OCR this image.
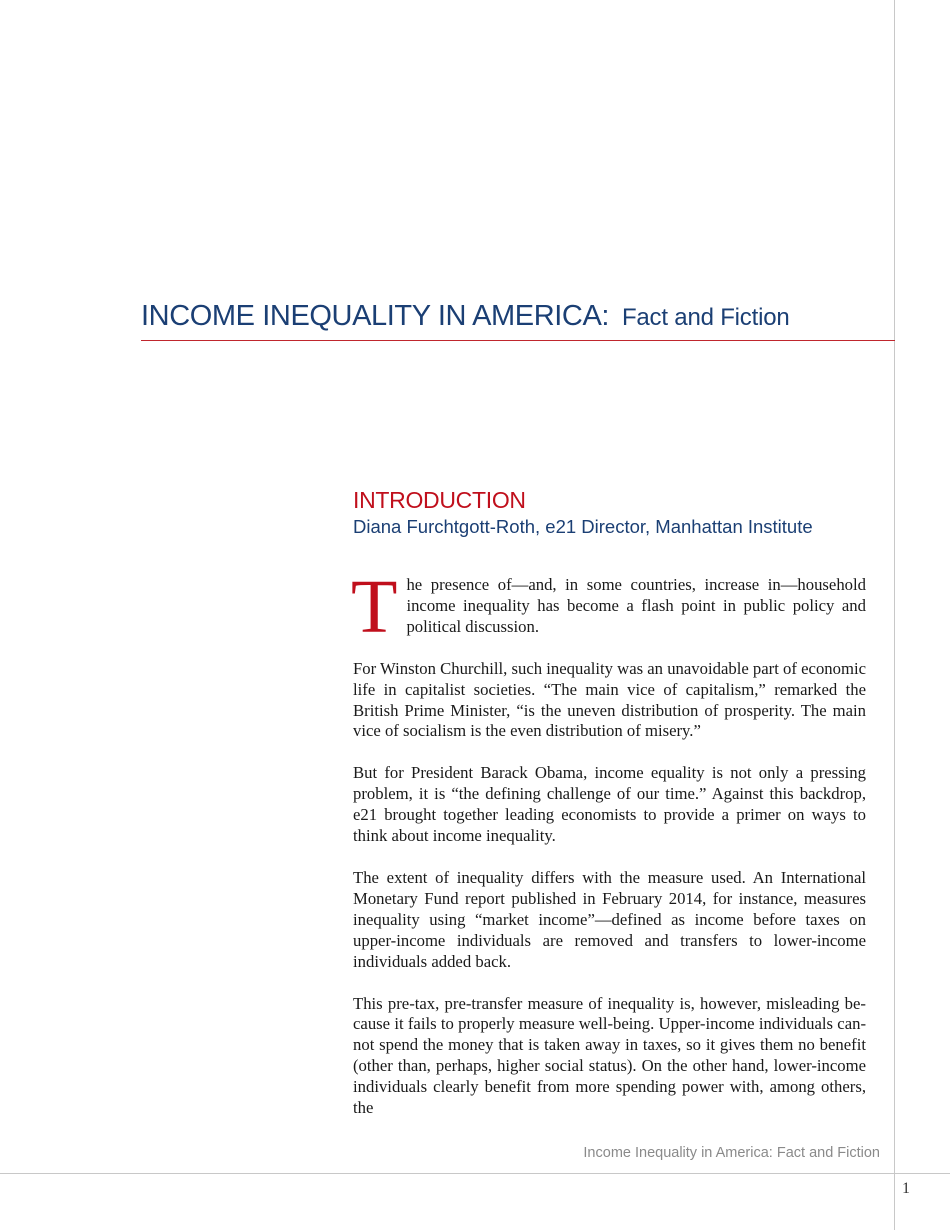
INCOME INEQUALITY IN AMERICA: Fact and Fiction
INTRODUCTION
Diana Furchtgott-Roth, e21 Director, Manhattan Institute

The presence of—and, in some countries, increase in—household income inequality has become a flash point in public policy and political discussion.

For Winston Churchill, such inequality was an unavoidable part of economic life in capitalist societies. “The main vice of capitalism,” remarked the British Prime Minister, “is the uneven distribution of prosperity. The main vice of socialism is the even distribution of misery.”

But for President Barack Obama, income equality is not only a pressing problem, it is “the defining challenge of our time.” Against this backdrop, e21 brought together leading economists to provide a primer on ways to think about income inequality.

The extent of inequality differs with the measure used. An International Monetary Fund report published in February 2014, for instance, measures inequality using “market income”—defined as income before taxes on upper-income individuals are removed and transfers to lower-income individuals added back.

This pre-tax, pre-transfer measure of inequality is, however, misleading be-cause it fails to properly measure well-being. Upper-income individuals can-not spend the money that is taken away in taxes, so it gives them no benefit (other than, perhaps, higher social status). On the other hand, lower-income individuals clearly benefit from more spending power with, among others, the

Income Inequality in America: Fact and Fiction
1
